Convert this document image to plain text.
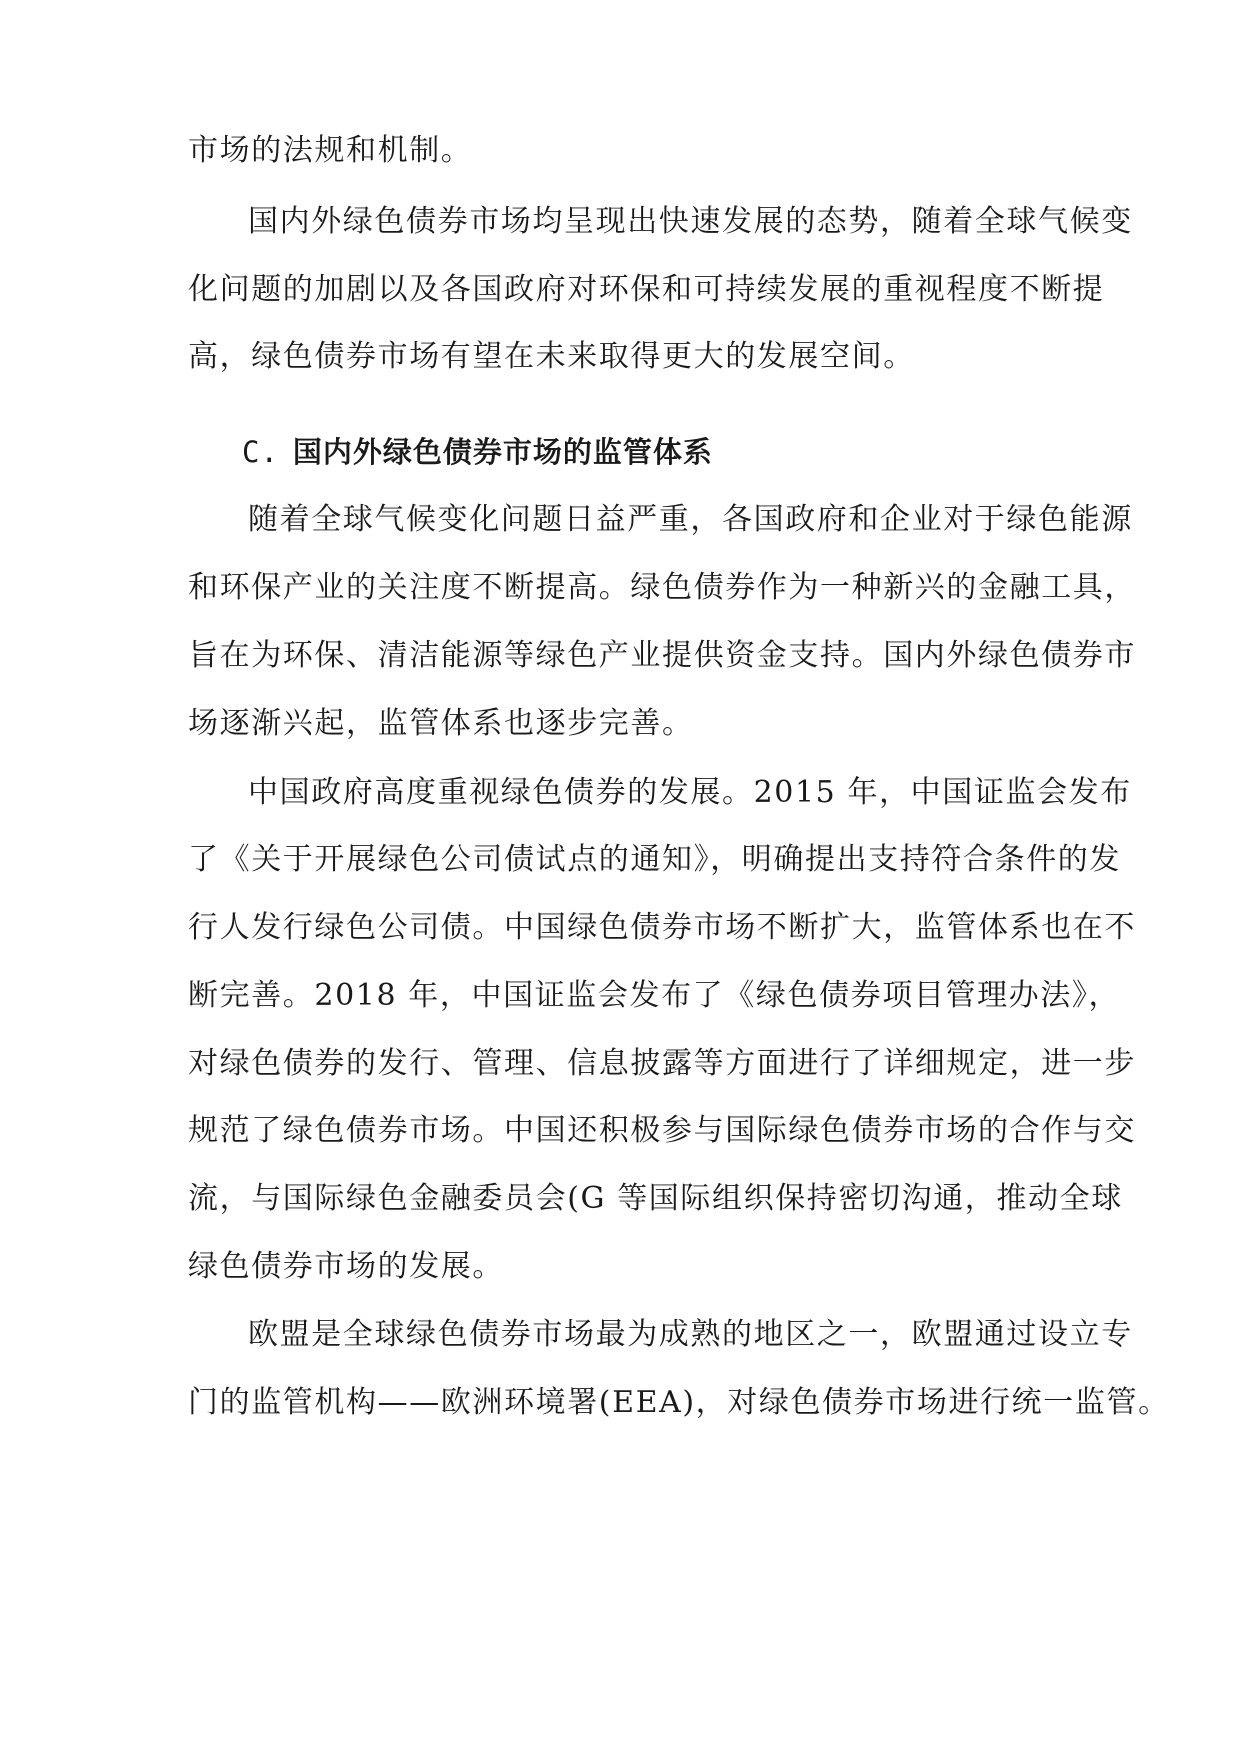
市场的法规和机制。

国内外绿色债券市场均呈现出快速发展的态势，随着全球气候变

化问题的加剧以及各国政府对环保和可持续发展的重视程度不断提

高，绿色债券市场有望在未来取得更大的发展空间。

C. 国内外绿色债券市场的监管体系

随着全球气候变化问题日益严重，各国政府和企业对于绿色能源

和环保产业的关注度不断提高。绿色债券作为一种新兴的金融工具，

旨在为环保、清洁能源等绿色产业提供资金支持。国内外绿色债券市

场逐渐兴起，监管体系也逐步完善。

中国政府高度重视绿色债券的发展。2015 年，中国证监会发布

了《关于开展绿色公司债试点的通知》，明确提出支持符合条件的发

行人发行绿色公司债。中国绿色债券市场不断扩大，监管体系也在不

断完善。2018 年，中国证监会发布了《绿色债券项目管理办法》，

对绿色债券的发行、管理、信息披露等方面进行了详细规定，进一步

规范了绿色债券市场。中国还积极参与国际绿色债券市场的合作与交

流，与国际绿色金融委员会(G 等国际组织保持密切沟通，推动全球

绿色债券市场的发展。

欧盟是全球绿色债券市场最为成熟的地区之一，欧盟通过设立专

门的监管机构——欧洲环境署(EEA)，对绿色债券市场进行统一监管。
